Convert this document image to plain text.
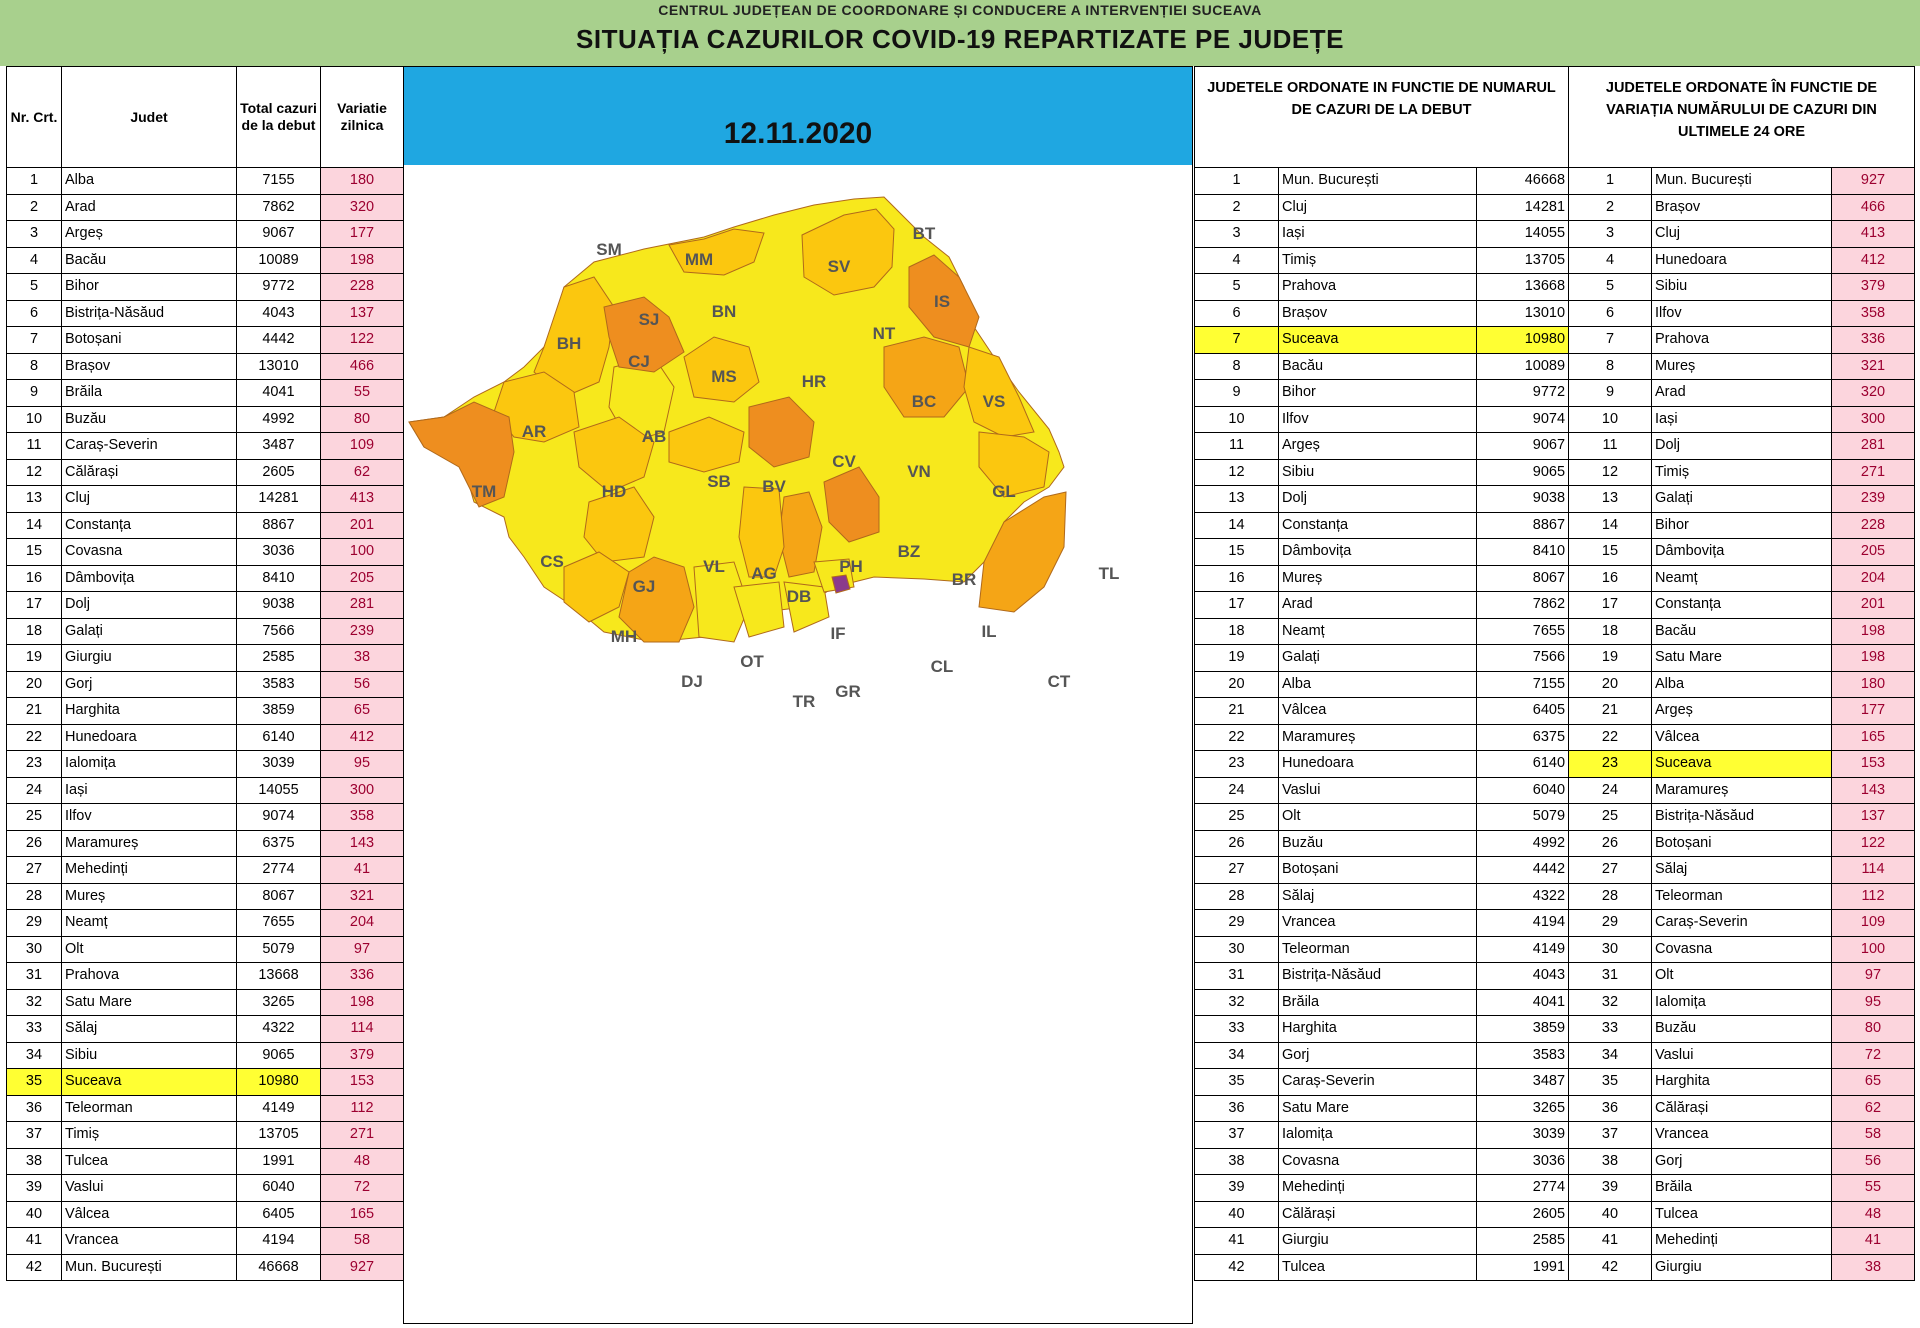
CENTRUL JUDEȚEAN DE COORDONARE ȘI CONDUCERE A INTERVENȚIEI SUCEAVA
SITUAȚIA CAZURILOR COVID-19 REPARTIZATE PE JUDEȚE
Nr. Crt.	Judet	Total cazuri de la debut	Variatie zilnica
1	Alba	7155	180
2	Arad	7862	320
3	Argeș	9067	177
4	Bacău	10089	198
5	Bihor	9772	228
6	Bistrița-Năsăud	4043	137
7	Botoșani	4442	122
8	Brașov	13010	466
9	Brăila	4041	55
10	Buzău	4992	80
11	Caraș-Severin	3487	109
12	Călărași	2605	62
13	Cluj	14281	413
14	Constanța	8867	201
15	Covasna	3036	100
16	Dâmbovița	8410	205
17	Dolj	9038	281
18	Galați	7566	239
19	Giurgiu	2585	38
20	Gorj	3583	56
21	Harghita	3859	65
22	Hunedoara	6140	412
23	Ialomița	3039	95
24	Iași	14055	300
25	Ilfov	9074	358
26	Maramureș	6375	143
27	Mehedinți	2774	41
28	Mureș	8067	321
29	Neamț	7655	204
30	Olt	5079	97
31	Prahova	13668	336
32	Satu Mare	3265	198
33	Sălaj	4322	114
34	Sibiu	9065	379
35	Suceava	10980	153
36	Teleorman	4149	112
37	Timiș	13705	271
38	Tulcea	1991	48
39	Vaslui	6040	72
40	Vâlcea	6405	165
41	Vrancea	4194	58
42	Mun. București	46668	927
12.11.2020
SM
MM
BT
SV
IS
SJ	BN
BH
CJ
NT
MS	HR
BC	VS
AR	AB
CV
VN
GL
TM	HD
SB BV
CS
GJ
VL AG
DB
PH
BZ
BR	TL
IF
B
MH
DJ
OT
TR
GR
CL
IL
CT
JUDETELE ORDONATE IN FUNCTIE DE NUMARUL DE CAZURI DE LA DEBUT		

1	Mun. București	46668
2	Cluj	14281
3	Iași	14055
4	Timiș	13705
5	Prahova	13668
6	Brașov	13010
7	Suceava	10980
8	Bacău	10089
9	Bihor	9772
10	Ilfov	9074
11	Argeș	9067
12	Sibiu	9065
13	Dolj	9038
14	Constanța	8867
15	Dâmbovița	8410
16	Mureș	8067
17	Arad	7862
18	Neamț	7655
19	Galați	7566
20	Alba	7155
21	Vâlcea	6405
22	Maramureș	6375
23	Hunedoara	6140
24	Vaslui	6040
25	Olt	5079
26	Buzău	4992
27	Botoșani	4442
28	Sălaj	4322
29	Vrancea	4194
30	Teleorman	4149
31	Bistrița-Năsăud	4043
32	Brăila	4041
33	Harghita	3859
34	Gorj	3583
35	Caraș-Severin	3487
36	Satu Mare	3265
37	Ialomița	3039
38	Covasna	3036
39	Mehedinți	2774
40	Călărași	2605
41	Giurgiu	2585
42	Tulcea	1991
JUDETELE ORDONATE ÎN FUNCTIE DE VARIAȚIA NUMĂRULUI DE CAZURI DIN ULTIMELE 24 ORE		

1	Mun. București	927
2	Brașov	466
3	Cluj	413
4	Hunedoara	412
5	Sibiu	379
6	Ilfov	358
7	Prahova	336
8	Mureș	321
9	Arad	320
10	Iași	300
11	Dolj	281
12	Timiș	271
13	Galați	239
14	Bihor	228
15	Dâmbovița	205
16	Neamț	204
17	Constanța	201
18	Bacău	198
19	Satu Mare	198
20	Alba	180
21	Argeș	177
22	Vâlcea	165
23	Suceava	153
24	Maramureș	143
25	Bistrița-Năsăud	137
26	Botoșani	122
27	Sălaj	114
28	Teleorman	112
29	Caraș-Severin	109
30	Covasna	100
31	Olt	97
32	Ialomița	95
33	Buzău	80
34	Vaslui	72
35	Harghita	65
36	Călărași	62
37	Vrancea	58
38	Gorj	56
39	Brăila	55
40	Tulcea	48
41	Mehedinți	41
42	Giurgiu	38
